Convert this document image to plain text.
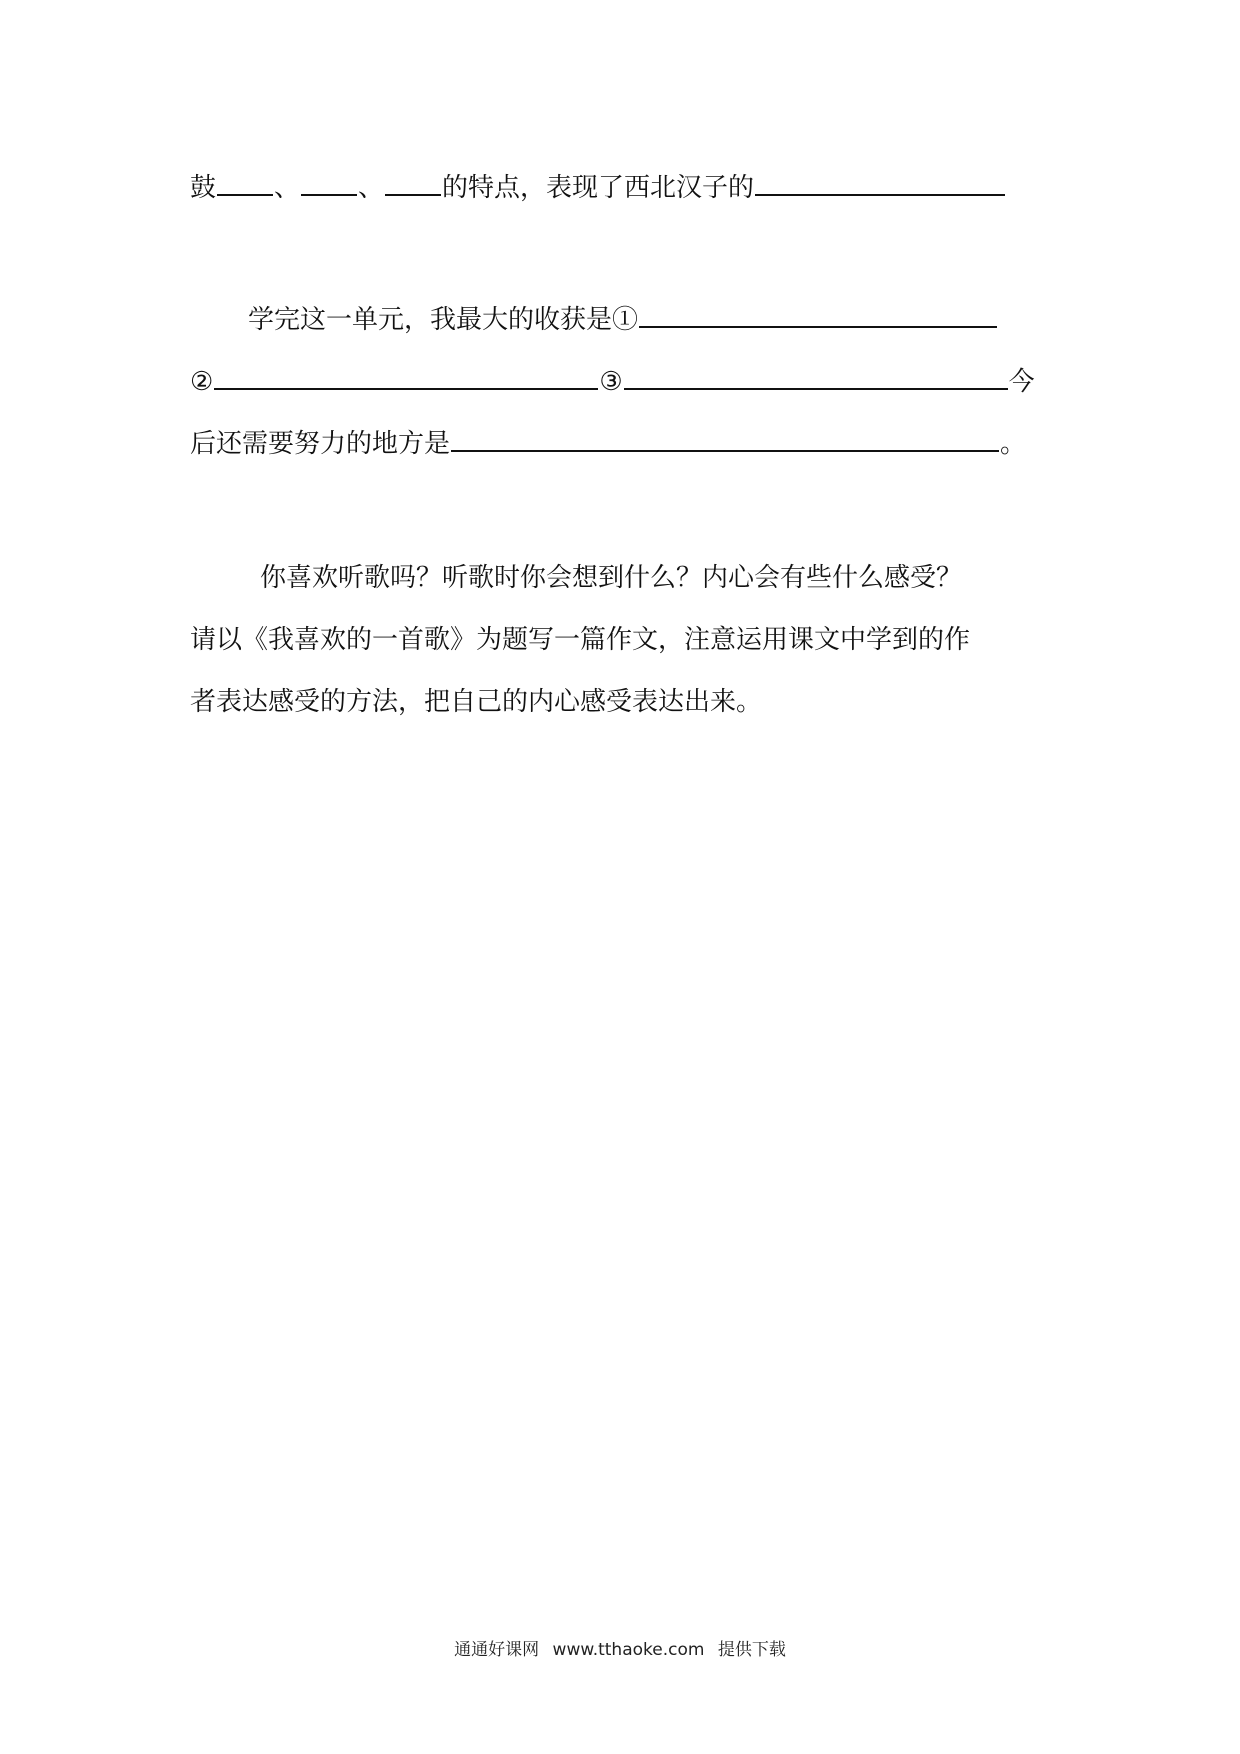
鼓 、 、 的特点，表现了西北汉子的
学完这一单元，我最大的收获是①
②	③	今
后还需要努力的地方是	。
你喜欢听歌吗？听歌时你会想到什么？内心会有些什么感受？
请以《我喜欢的一首歌》为题写一篇作文，注意运用课文中学到的作
者表达感受的方法，把自己的内心感受表达出来。
通通好课网 www.tthaoke.com 提供下载
